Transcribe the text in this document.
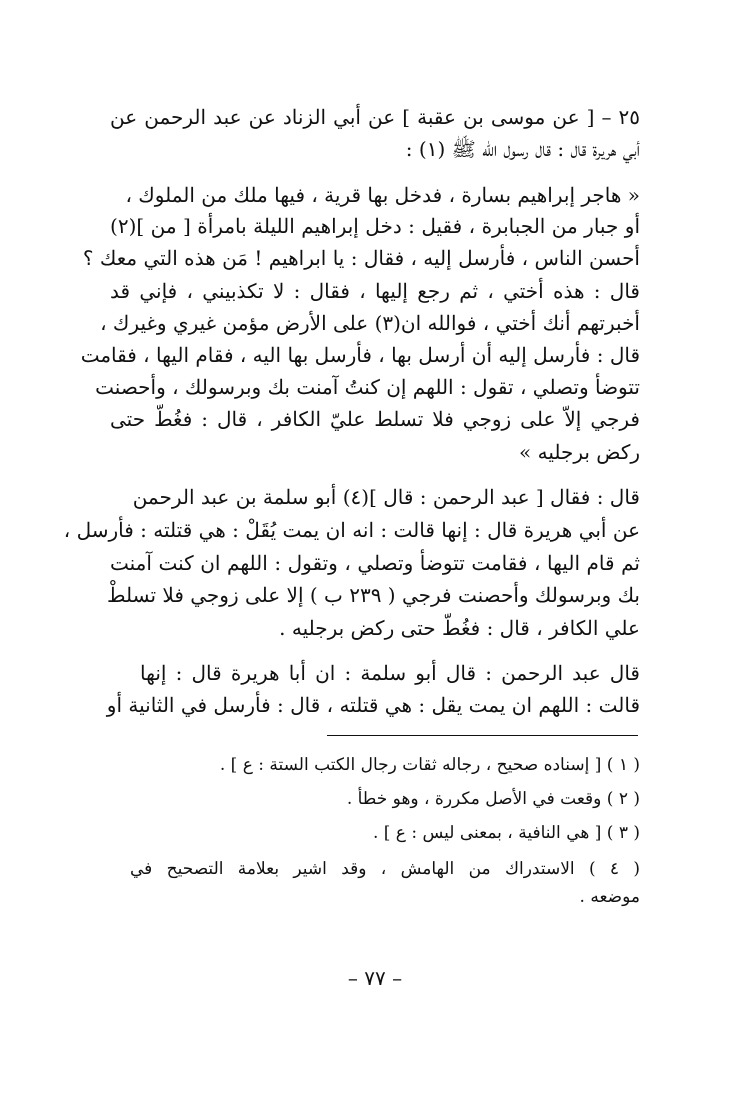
٢٥ – [ عن موسى بن عقبة ] عن أبي الزناد عن عبد الرحمن عن
أبي هريرة قال : قال رسول الله ﷺ (١) :
« هاجر إبراهيم بسارة ، فدخل بها قرية ، فيها ملك من الملوك ،
أو جبار من الجبابرة ، فقيل : دخل إبراهيم الليلة بامرأة [ من ](٢)
أحسن الناس ، فأرسل إليه ، فقال : يا ابراهيم ! مَن هذه التي معك ؟
قال : هذه أختي ، ثم رجع إليها ، فقال : لا تكذبيني ، فإني قد
أخبرتهم أنك أختي ، فوالله ان(٣) على الأرض مؤمن غيري وغيرك ،
قال : فأرسل إليه أن أرسل بها ، فأرسل بها اليه ، فقام اليها ، فقامت
تتوضأ وتصلي ، تقول : اللهم إن كنتُ آمنت بك وبرسولك ، وأحصنت
فرجي إلاّ على زوجي فلا تسلط عليّ الكافر ، قال : فغُطّ حتى
ركض برجليه »
قال : فقال [ عبد الرحمن : قال ](٤) أبو سلمة بن عبد الرحمن
عن أبي هريرة قال : إنها قالت : انه ان يمت يُقَلْ : هي قتلته : فأرسل ،
ثم قام اليها ، فقامت تتوضأ وتصلي ، وتقول : اللهم ان كنت آمنت
بك وبرسولك وأحصنت فرجي ( ٢٣٩ ب ) إلا على زوجي فلا تسلطْ
علي الكافر ، قال : فغُطّ حتى ركض برجليه .
قال عبد الرحمن : قال أبو سلمة : ان أبا هريرة قال : إنها
قالت : اللهم ان يمت يقل : هي قتلته ، قال : فأرسل في الثانية أو
( ١ ) [ إسناده صحيح ، رجاله ثقات رجال الكتب الستة : ع ] .
( ٢ ) وقعت في الأصل مكررة ، وهو خطأ .
( ٣ ) [ هي النافية ، بمعنى ليس : ع ] .
( ٤ ) الاستدراك من الهامش ، وقد اشير بعلامة التصحيح في
موضعه .
– ٧٧ –
